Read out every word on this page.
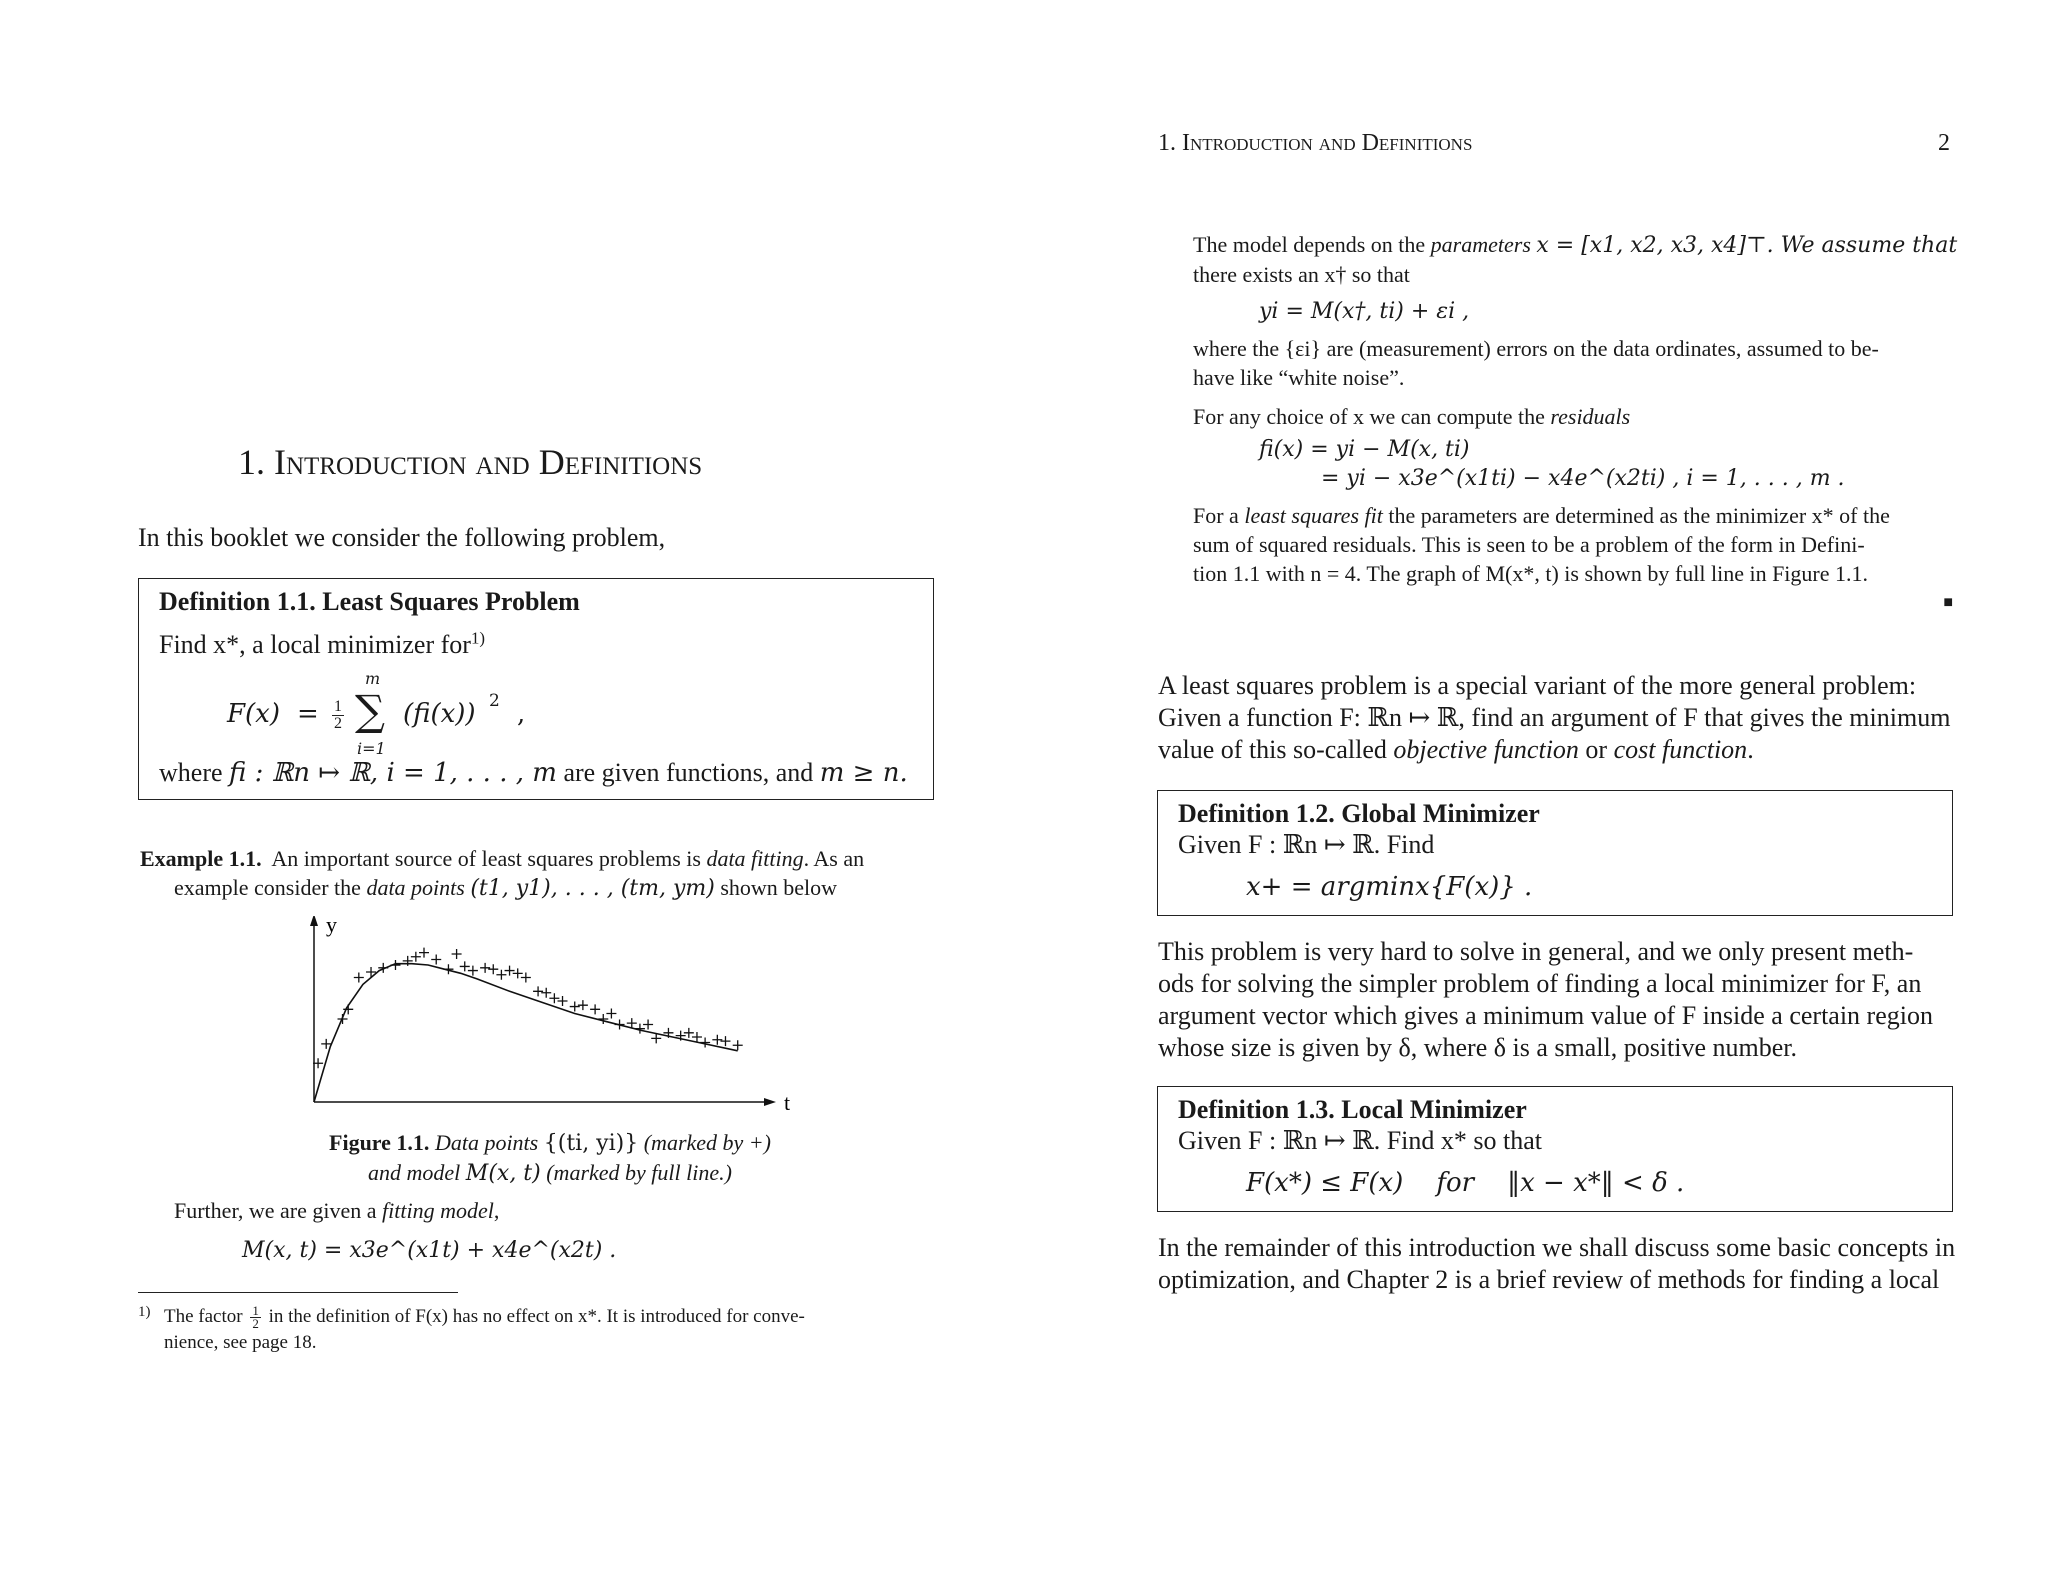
1. Introduction and Definitions
In this booklet we consider the following problem,
Definition 1.1. Least Squares Problem
Find x*, a local minimizer for$^{1)}$
$F(x) = \frac{1}{2}$
m
∑
i=1
(fi(x)) 2 ,
where fi : ℝn ↦ ℝ, i = 1, . . . , m are given functions, and m ≥ n.
Example 1.1. An important source of least squares problems is data fitting. As an
example consider the data points (t1, y1), . . . , (tm, ym) shown below
t
y
Figure 1.1. Data points {(ti, yi)} (marked by +)
and model M(x, t) (marked by full line.)
Further, we are given a fitting model,
M(x, t) = x3e^(x1t) + x4e^(x2t) .
1) The factor $\frac{1}{2}$ in the definition of F(x) has no effect on x*. It is introduced for conve-
nience, see page 18.
1. Introduction and Definitions	2
The model depends on the parameters x = [x1, x2, x3, x4]⊤. We assume that
there exists an x† so that
yi = M(x†, ti) + εi ,
where the {εi} are (measurement) errors on the data ordinates, assumed to be-
have like “white noise”.
For any choice of x we can compute the residuals
fi(x) = yi − M(x, ti)
= yi − x3e^(x1ti) − x4e^(x2ti) , i = 1, . . . , m .
For a least squares fit the parameters are determined as the minimizer x* of the
sum of squared residuals. This is seen to be a problem of the form in Defini-
tion 1.1 with n = 4. The graph of M(x*, t) is shown by full line in Figure 1.1.
■
A least squares problem is a special variant of the more general problem:
Given a function F: ℝn ↦ ℝ, find an argument of F that gives the minimum
value of this so-called objective function or cost function.
Definition 1.2. Global Minimizer
Given F : ℝn ↦ ℝ. Find
x+ = argminx{F(x)} .
This problem is very hard to solve in general, and we only present meth-
ods for solving the simpler problem of finding a local minimizer for F, an
argument vector which gives a minimum value of F inside a certain region
whose size is given by δ, where δ is a small, positive number.
Definition 1.3. Local Minimizer
Given F : ℝn ↦ ℝ. Find x* so that
F(x*) ≤ F(x)    for    ‖x − x*‖ < δ .
In the remainder of this introduction we shall discuss some basic concepts in
optimization, and Chapter 2 is a brief review of methods for finding a local
